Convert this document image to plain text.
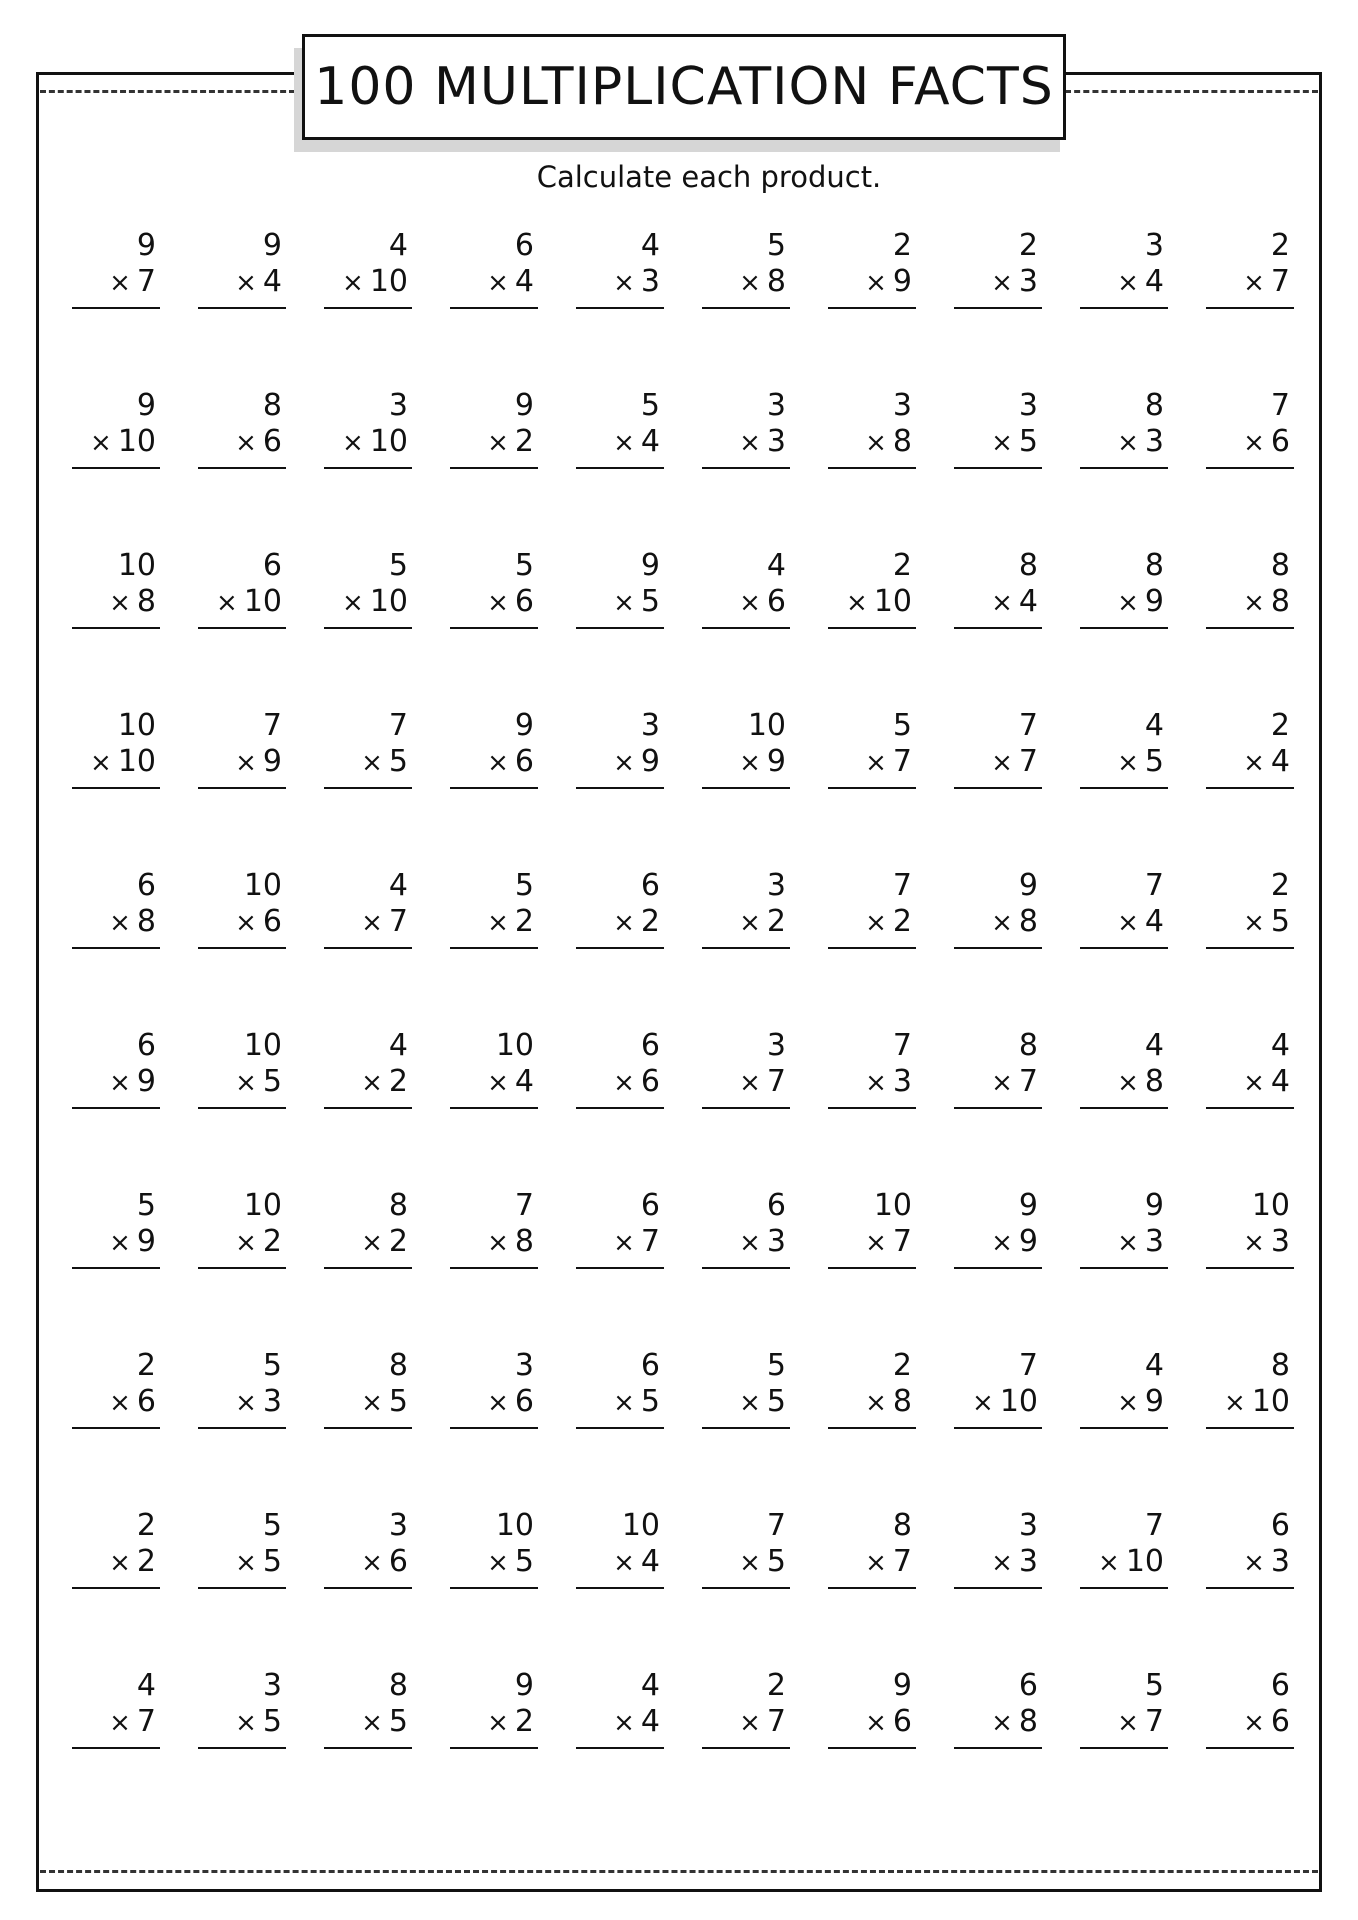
100 MULTIPLICATION FACTS
Calculate each product.
9
× 7
9
× 4
4
× 10
6
× 4
4
× 3
5
× 8
2
× 9
2
× 3
3
× 4
2
× 7
9
× 10
8
× 6
3
× 10
9
× 2
5
× 4
3
× 3
3
× 8
3
× 5
8
× 3
7
× 6
10
× 8
6
× 10
5
× 10
5
× 6
9
× 5
4
× 6
2
× 10
8
× 4
8
× 9
8
× 8
10
× 10
7
× 9
7
× 5
9
× 6
3
× 9
10
× 9
5
× 7
7
× 7
4
× 5
2
× 4
6
× 8
10
× 6
4
× 7
5
× 2
6
× 2
3
× 2
7
× 2
9
× 8
7
× 4
2
× 5
6
× 9
10
× 5
4
× 2
10
× 4
6
× 6
3
× 7
7
× 3
8
× 7
4
× 8
4
× 4
5
× 9
10
× 2
8
× 2
7
× 8
6
× 7
6
× 3
10
× 7
9
× 9
9
× 3
10
× 3
2
× 6
5
× 3
8
× 5
3
× 6
6
× 5
5
× 5
2
× 8
7
× 10
4
× 9
8
× 10
2
× 2
5
× 5
3
× 6
10
× 5
10
× 4
7
× 5
8
× 7
3
× 3
7
× 10
6
× 3
4
× 7
3
× 5
8
× 5
9
× 2
4
× 4
2
× 7
9
× 6
6
× 8
5
× 7
6
× 6
